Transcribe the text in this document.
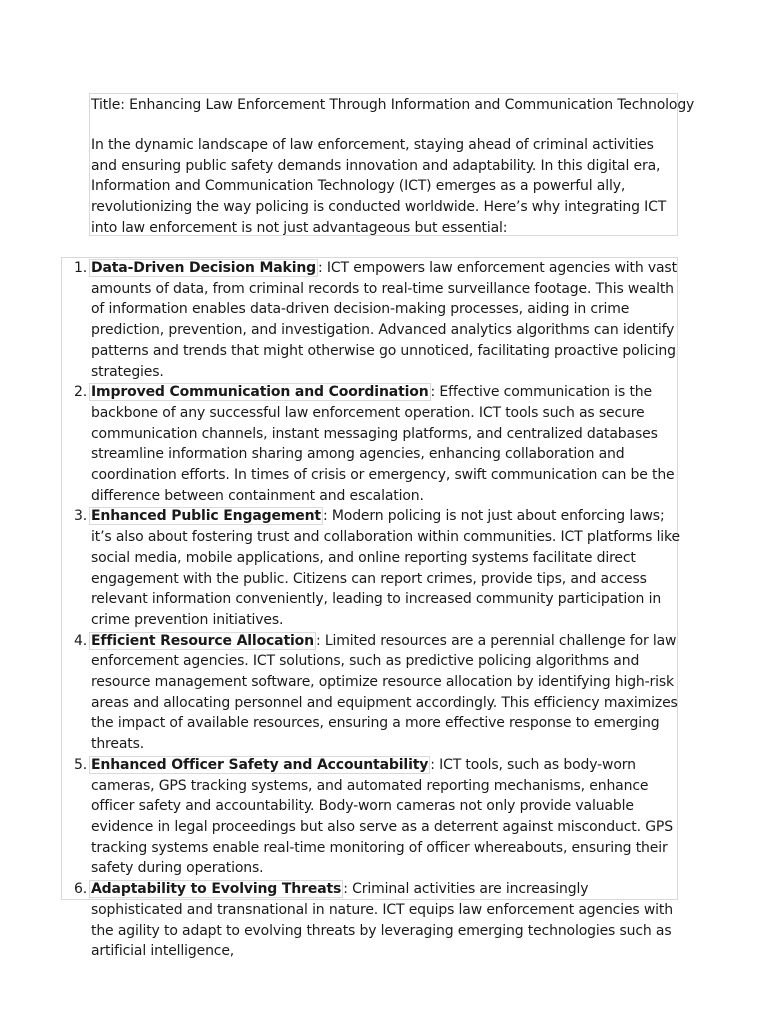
Title: Enhancing Law Enforcement Through Information and Communication Technology

In the dynamic landscape of law enforcement, staying ahead of criminal activities and ensuring public safety demands innovation and adaptability. In this digital era, Information and Communication Technology (ICT) emerges as a powerful ally, revolutionizing the way policing is conducted worldwide. Here’s why integrating ICT into law enforcement is not just advantageous but essential:

1. Data-Driven Decision Making : ICT empowers law enforcement agencies with vast amounts of data, from criminal records to real-time surveillance footage. This wealth of information enables data-driven decision-making processes, aiding in crime prediction, prevention, and investigation. Advanced analytics algorithms can identify patterns and trends that might otherwise go unnoticed, facilitating proactive policing strategies.
2. Improved Communication and Coordination : Effective communication is the backbone of any successful law enforcement operation. ICT tools such as secure communication channels, instant messaging platforms, and centralized databases streamline information sharing among agencies, enhancing collaboration and coordination efforts. In times of crisis or emergency, swift communication can be the difference between containment and escalation.
3. Enhanced Public Engagement : Modern policing is not just about enforcing laws; it’s also about fostering trust and collaboration within communities. ICT platforms like social media, mobile applications, and online reporting systems facilitate direct engagement with the public. Citizens can report crimes, provide tips, and access relevant information conveniently, leading to increased community participation in crime prevention initiatives.
4. Efficient Resource Allocation : Limited resources are a perennial challenge for law enforcement agencies. ICT solutions, such as predictive policing algorithms and resource management software, optimize resource allocation by identifying high-risk areas and allocating personnel and equipment accordingly. This efficiency maximizes the impact of available resources, ensuring a more effective response to emerging threats.
5. Enhanced Officer Safety and Accountability : ICT tools, such as body-worn cameras, GPS tracking systems, and automated reporting mechanisms, enhance officer safety and accountability. Body-worn cameras not only provide valuable evidence in legal proceedings but also serve as a deterrent against misconduct. GPS tracking systems enable real-time monitoring of officer whereabouts, ensuring their safety during operations.
6. Adaptability to Evolving Threats : Criminal activities are increasingly sophisticated and transnational in nature. ICT equips law enforcement agencies with the agility to adapt to evolving threats by leveraging emerging technologies such as artificial intelligence,
